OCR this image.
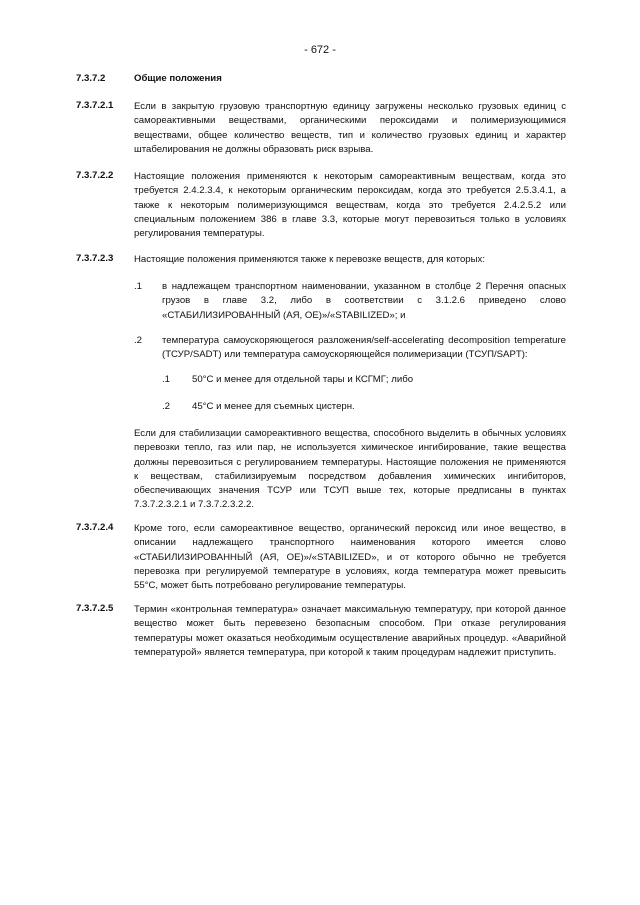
- 672 -
7.3.7.2	Общие положения
7.3.7.2.1 Если в закрытую грузовую транспортную единицу загружены несколько грузовых единиц с самореактивными веществами, органическими пероксидами и полимеризующимися веществами, общее количество веществ, тип и количество грузовых единиц и характер штабелирования не должны образовать риск взрыва.
7.3.7.2.2 Настоящие положения применяются к некоторым самореактивным веществам, когда это требуется 2.4.2.3.4, к некоторым органическим пероксидам, когда это требуется 2.5.3.4.1, а также к некоторым полимеризующимся веществам, когда это требуется 2.4.2.5.2 или специальным положением 386 в главе 3.3, которые могут перевозиться только в условиях регулирования температуры.
7.3.7.2.3 Настоящие положения применяются также к перевозке веществ, для которых:
.1 в надлежащем транспортном наименовании, указанном в столбце 2 Перечня опасных грузов в главе 3.2, либо в соответствии с 3.1.2.6 приведено слово «СТАБИЛИЗИРОВАННЫЙ (АЯ, ОЕ)»/«STABILIZED»; и
.2 температура самоускоряющегося разложения/self-accelerating decomposition temperature (ТСУР/SADT) или температура самоускоряющейся полимеризации (ТСУП/SAPT):
.1 50°С и менее для отдельной тары и КСГМГ; либо
.2 45°С и менее для съемных цистерн.
Если для стабилизации самореактивного вещества, способного выделить в обычных условиях перевозки тепло, газ или пар, не используется химическое ингибирование, такие вещества должны перевозиться с регулированием температуры. Настоящие положения не применяются к веществам, стабилизируемым посредством добавления химических ингибиторов, обеспечивающих значения ТСУР или ТСУП выше тех, которые предписаны в пунктах 7.3.7.2.3.2.1 и 7.3.7.2.3.2.2.
7.3.7.2.4 Кроме того, если самореактивное вещество, органический пероксид или иное вещество, в описании надлежащего транспортного наименования которого имеется слово «СТАБИЛИЗИРОВАННЫЙ (АЯ, ОЕ)»/«STABILIZED», и от которого обычно не требуется перевозка при регулируемой температуре в условиях, когда температура может превысить 55°С, может быть потребовано регулирование температуры.
7.3.7.2.5 Термин «контрольная температура» означает максимальную температуру, при которой данное вещество может быть перевезено безопасным способом. При отказе регулирования температуры может оказаться необходимым осуществление аварийных процедур. «Аварийной температурой» является температура, при которой к таким процедурам надлежит приступить.
